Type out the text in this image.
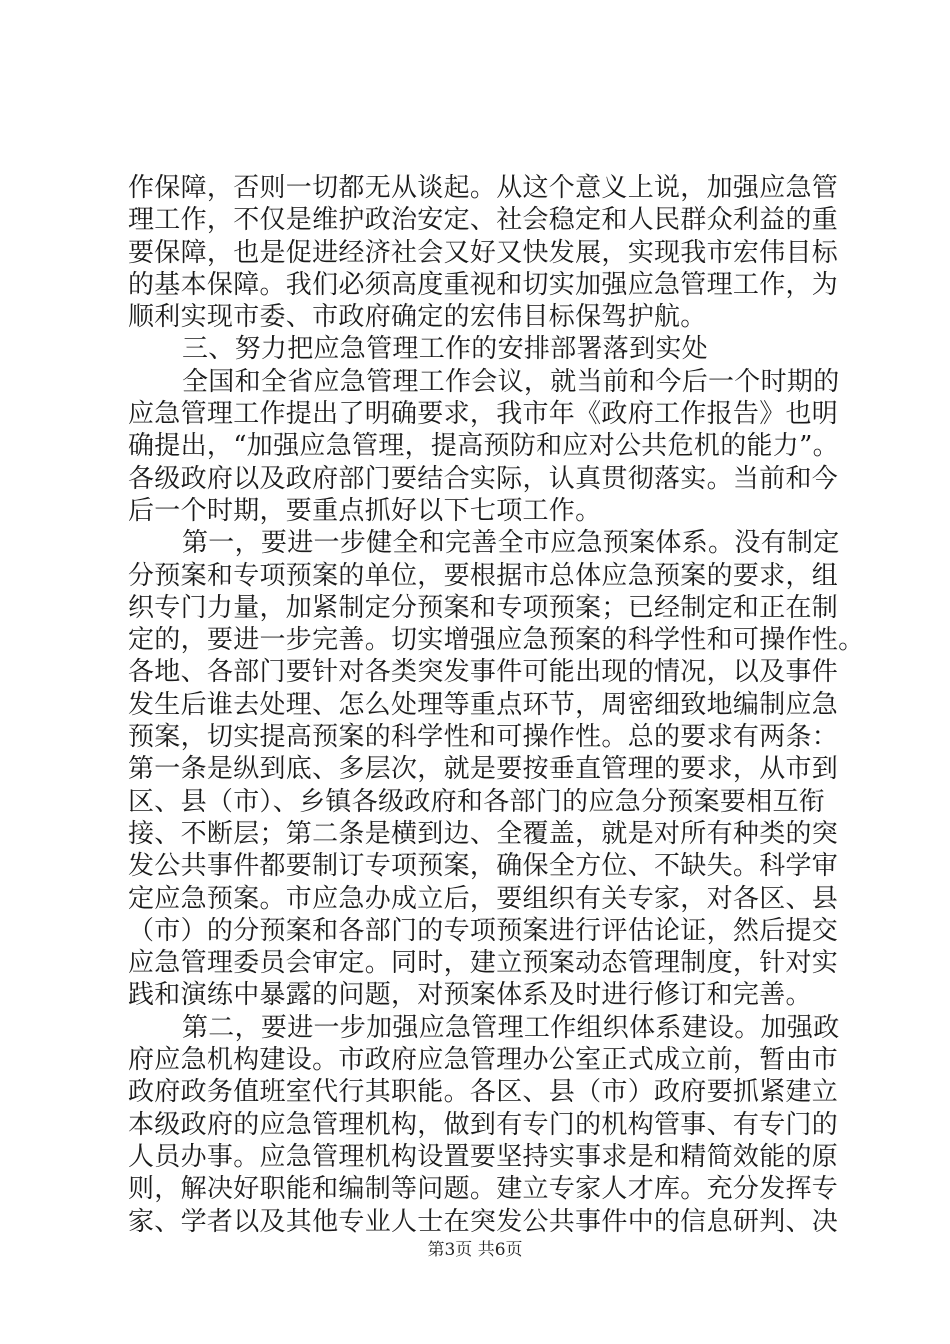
作保障，否则一切都无从谈起。从这个意义上说，加强应急管
理工作，不仅是维护政治安定、社会稳定和人民群众利益的重
要保障，也是促进经济社会又好又快发展，实现我市宏伟目标
的基本保障。我们必须高度重视和切实加强应急管理工作，为
顺利实现市委、市政府确定的宏伟目标保驾护航。
三、努力把应急管理工作的安排部署落到实处
全国和全省应急管理工作会议，就当前和今后一个时期的
应急管理工作提出了明确要求，我市年《政府工作报告》也明
确提出，“加强应急管理，提高预防和应对公共危机的能力”。
各级政府以及政府部门要结合实际，认真贯彻落实。当前和今
后一个时期，要重点抓好以下七项工作。
第一，要进一步健全和完善全市应急预案体系。没有制定
分预案和专项预案的单位，要根据市总体应急预案的要求，组
织专门力量，加紧制定分预案和专项预案；已经制定和正在制
定的，要进一步完善。切实增强应急预案的科学性和可操作性。
各地、各部门要针对各类突发事件可能出现的情况，以及事件
发生后谁去处理、怎么处理等重点环节，周密细致地编制应急
预案，切实提高预案的科学性和可操作性。总的要求有两条：
第一条是纵到底、多层次，就是要按垂直管理的要求，从市到
区、县（市）、乡镇各级政府和各部门的应急分预案要相互衔
接、不断层；第二条是横到边、全覆盖，就是对所有种类的突
发公共事件都要制订专项预案，确保全方位、不缺失。科学审
定应急预案。市应急办成立后，要组织有关专家，对各区、县
（市）的分预案和各部门的专项预案进行评估论证，然后提交
应急管理委员会审定。同时，建立预案动态管理制度，针对实
践和演练中暴露的问题，对预案体系及时进行修订和完善。
第二，要进一步加强应急管理工作组织体系建设。加强政
府应急机构建设。市政府应急管理办公室正式成立前，暂由市
政府政务值班室代行其职能。各区、县（市）政府要抓紧建立
本级政府的应急管理机构，做到有专门的机构管事、有专门的
人员办事。应急管理机构设置要坚持实事求是和精简效能的原
则，解决好职能和编制等问题。建立专家人才库。充分发挥专
家、学者以及其他专业人士在突发公共事件中的信息研判、决
第3页 共6页
